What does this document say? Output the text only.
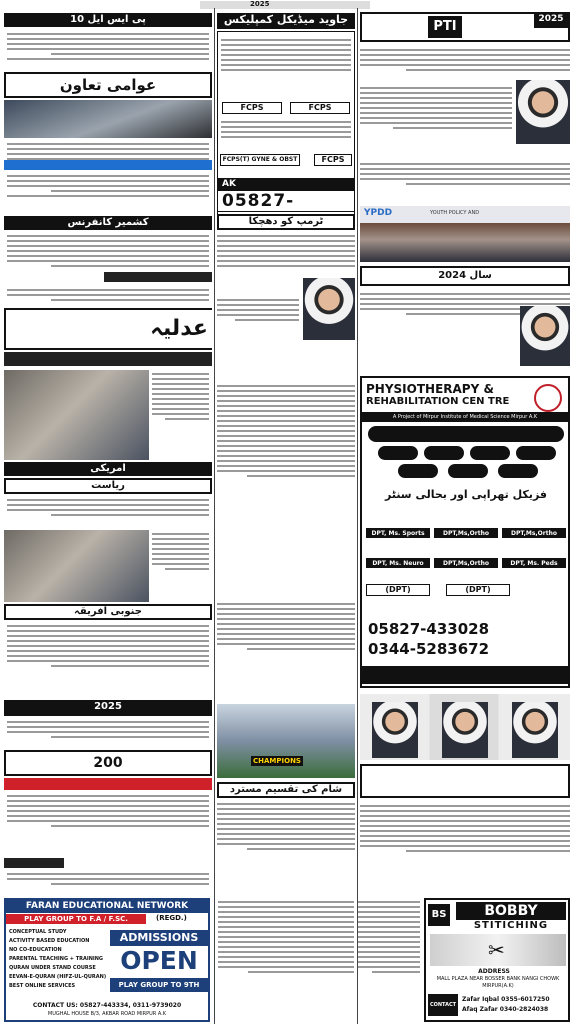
2025
پی ایس ایل 10
عوامی تعاون
کشمیر کانفرنس
عدلیہ
امریکی
ریاست
جنوبی افریقہ
2025
200
جاوید میڈیکل کمپلیکس
FCPS	FCPS
FCPS(T) GYNE & OBST	FCPS
AK
05827-
ٹرمپ کو دھچکا
CHAMPIONS
شام کی تقسیم مسترد
2025
PTI
YPDD	YOUTH POLICY AND
سال 2024
PHYSIOTHERAPY &
REHABILITATION CEN TRE
A Project of Mirpur Institute of Medical Science Mirpur A.K
فزیکل تھراپی اور بحالی سنٹر
DPT, Ms. Sports	DPT,Ms,Ortho	DPT,Ms,Ortho
DPT, Ms. Neuro	DPT,Ms,Ortho	DPT, Ms. Peds
(DPT)	(DPT)
05827-433028
0344-5283672
FARAN EDUCATIONAL NETWORK
PLAY GROUP TO F.A / F.SC.	(REGD.)
CONCEPTUAL STUDY
ACTIVITY BASED EDUCATION
NO CO-EDUCATION
PARENTAL TEACHING + TRAINING
QURAN UNDER STAND COURSE
EEVAN-E-QURAN (HIFZ-UL-QURAN)
BEST ONLINE SERVICES
ADMISSIONS
OPEN
PLAY GROUP TO 9TH
CONTACT US: 05827-443334, 0311-9739020
MUGHAL HOUSE B/3, AKBAR ROAD MIRPUR A.K
BS	BOBBY
STITICHING
✂
ADDRESS
MALL PLAZA NEAR BOSSER BANK NANGI CHOWK MIRPUR(A.K)
CONTACT
Zafar Iqbal 0355-6017250
Afaq Zafar 0340-2824038
